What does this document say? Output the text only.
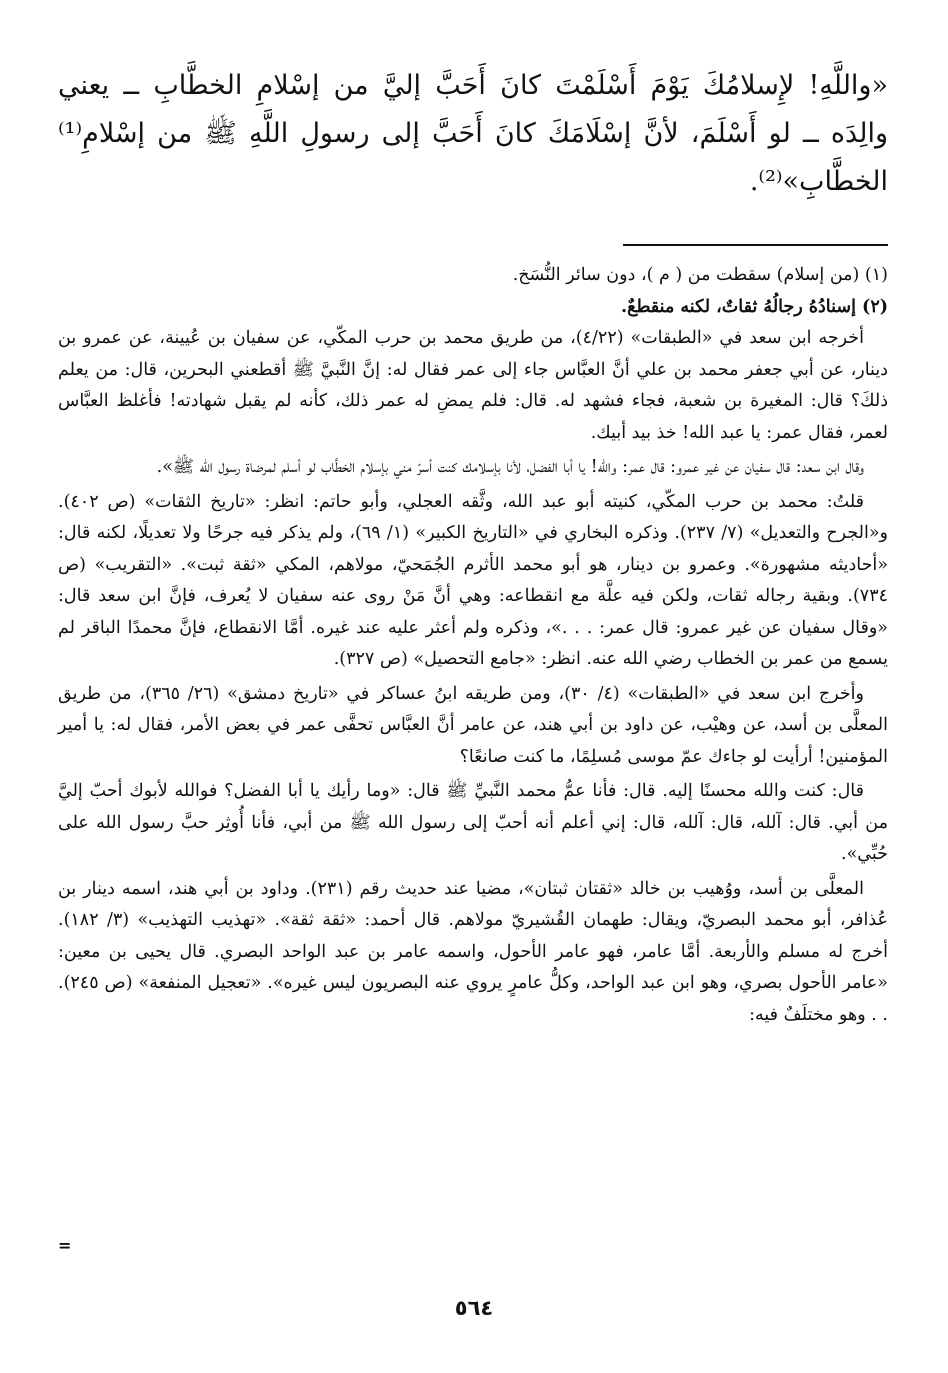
«واللَّهِ! لإِسلامُكَ يَوْمَ أَسْلَمْتَ كانَ أَحَبَّ إليَّ من إسْلامِ الخطَّابِ ــ يعني والِدَه ــ لو أَسْلَمَ، لأنَّ إسْلَامَكَ كانَ أَحَبَّ إلى رسولِ اللَّهِ ﷺ من إسْلامِ⁽¹⁾ الخطَّابِ»⁽²⁾.

(١) (من إسلام) سقطت من ( م )، دون سائر النُّسَخ.

(٢) إسنادُهُ رجالُهُ ثقاتٌ، لكنه منقطعٌ.

أخرجه ابن سعد في «الطبقات» (٤/٢٢)، من طريق محمد بن حرب المكّي، عن سفيان بن عُيينة، عن عمرو بن دينار، عن أبي جعفر محمد بن علي أنَّ العبَّاس جاء إلى عمر فقال له: إنَّ النَّبيَّ ﷺ أقطعني البحرين، قال: من يعلم ذلكَ؟ قال: المغيرة بن شعبة، فجاء فشهد له. قال: فلم يمضِ له عمر ذلك، كأنه لم يقبل شهادته! فأغلظ العبَّاس لعمر، فقال عمر: يا عبد الله! خذ بيد أبيك.

وقال ابن سعد: قال سفيان عن غير عمرو: قال عمر: والله! يا أبا الفضل، لأنا بإسلامك كنت أسرّ مني بإسلام الخطَّاب لو أسلم لمرضاة رسول الله ﷺ».

قلتُ: محمد بن حرب المكّي، كنيته أبو عبد الله، وثَّقه العجلي، وأبو حاتم: انظر: «تاريخ الثقات» (ص ٤٠٢). و«الجرح والتعديل» (٧/ ٢٣٧). وذكره البخاري في «التاريخ الكبير» (١/ ٦٩)، ولم يذكر فيه جرحًا ولا تعديلًا، لكنه قال: «أحاديثه مشهورة». وعمرو بن دينار، هو أبو محمد الأثرم الجُمَحيّ، مولاهم، المكي «ثقة ثبت». «التقريب» (ص ٧٣٤). وبقية رجاله ثقات، ولكن فيه علَّة مع انقطاعه: وهي أنَّ مَنْ روى عنه سفيان لا يُعرف، فإنَّ ابن سعد قال: «وقال سفيان عن غير عمرو: قال عمر: . . .»، وذكره ولم أعثر عليه عند غيره. أمَّا الانقطاع، فإنَّ محمدًا الباقر لم يسمع من عمر بن الخطاب رضي الله عنه. انظر: «جامع التحصيل» (ص ٣٢٧).

وأخرج ابن سعد في «الطبقات» (٤/ ٣٠)، ومن طريقه ابنُ عساكر في «تاريخ دمشق» (٢٦/ ٣٦٥)، من طريق المعلَّى بن أسد، عن وهيْب، عن داود بن أبي هند، عن عامر أنَّ العبَّاس تحفَّى عمر في بعض الأمر، فقال له: يا أمير المؤمنين! أرأيت لو جاءك عمّ موسى مُسلِمًا، ما كنت صانعًا؟

قال: كنت والله محسنًا إليه. قال: فأنا عمُّ محمد النَّبيِّ ﷺ قال: «وما رأيك يا أبا الفضل؟ فوالله لأبوك أحبّ إليَّ من أبي. قال: آلله، قال: آلله، قال: إني أعلم أنه أحبّ إلى رسول الله ﷺ من أبي، فأنا أُوثِر حبَّ رسول الله على حُبِّي».

المعلَّى بن أسد، ووُهيب بن خالد «ثقتان ثبتان»، مضيا عند حديث رقم (٢٣١). وداود بن أبي هند، اسمه دينار بن عُذافر، أبو محمد البصريّ، ويقال: طهمان القُشيريّ مولاهم. قال أحمد: «ثقة ثقة». «تهذيب التهذيب» (٣/ ١٨٢). أخرج له مسلم والأربعة. أمَّا عامر، فهو عامر الأحول، واسمه عامر بن عبد الواحد البصري. قال يحيى بن معين: «عامر الأحول بصري، وهو ابن عبد الواحد، وكلُّ عامرٍ يروي عنه البصريون ليس غيره». «تعجيل المنفعة» (ص ٢٤٥). . . وهو مختلَفٌ فيه:

=
٥٦٤
